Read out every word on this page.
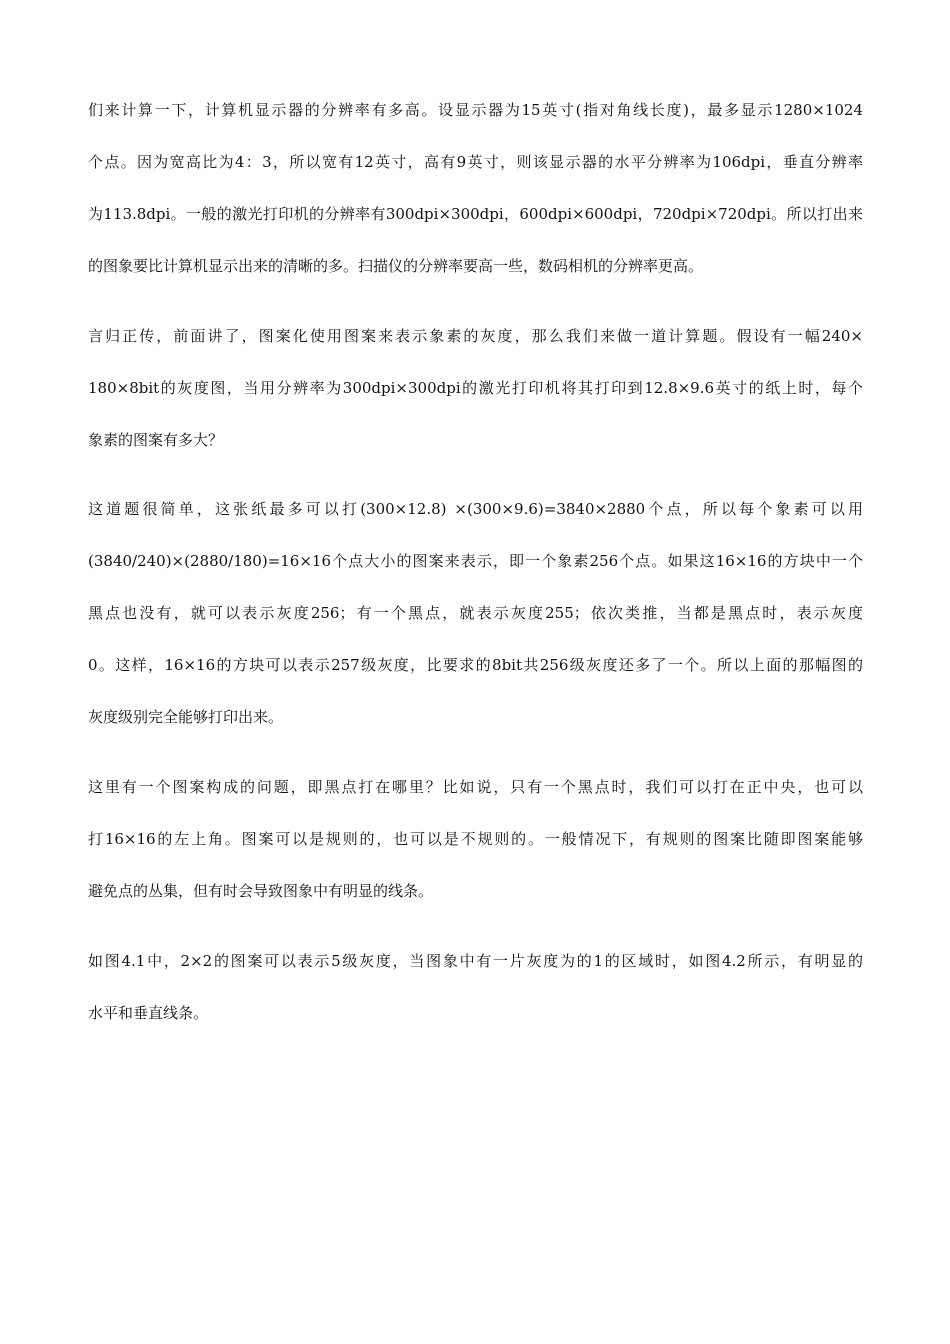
们来计算一下，计算机显示器的分辨率有多高。设显示器为15英寸(指对角线长度)，最多显示1280×1024
个点。因为宽高比为4：3，所以宽有12英寸，高有9英寸，则该显示器的水平分辨率为106dpi，垂直分辨率
为113.8dpi。一般的激光打印机的分辨率有300dpi×300dpi，600dpi×600dpi，720dpi×720dpi。所以打出来
的图象要比计算机显示出来的清晰的多。扫描仪的分辨率要高一些，数码相机的分辨率更高。
言归正传，前面讲了，图案化使用图案来表示象素的灰度，那么我们来做一道计算题。假设有一幅240×
180×8bit的灰度图，当用分辨率为300dpi×300dpi的激光打印机将其打印到12.8×9.6英寸的纸上时，每个
象素的图案有多大？
这道题很简单，这张纸最多可以打(300×12.8) ×(300×9.6)=3840×2880个点，所以每个象素可以用
(3840/240)×(2880/180)=16×16个点大小的图案来表示，即一个象素256个点。如果这16×16的方块中一个
黑点也没有，就可以表示灰度256；有一个黑点，就表示灰度255；依次类推，当都是黑点时，表示灰度
0。这样，16×16的方块可以表示257级灰度，比要求的8bit共256级灰度还多了一个。所以上面的那幅图的
灰度级别完全能够打印出来。
这里有一个图案构成的问题，即黑点打在哪里？比如说，只有一个黑点时，我们可以打在正中央，也可以
打16×16的左上角。图案可以是规则的，也可以是不规则的。一般情况下，有规则的图案比随即图案能够
避免点的丛集，但有时会导致图象中有明显的线条。
如图4.1中，2×2的图案可以表示5级灰度，当图象中有一片灰度为的1的区域时，如图4.2所示，有明显的
水平和垂直线条。
